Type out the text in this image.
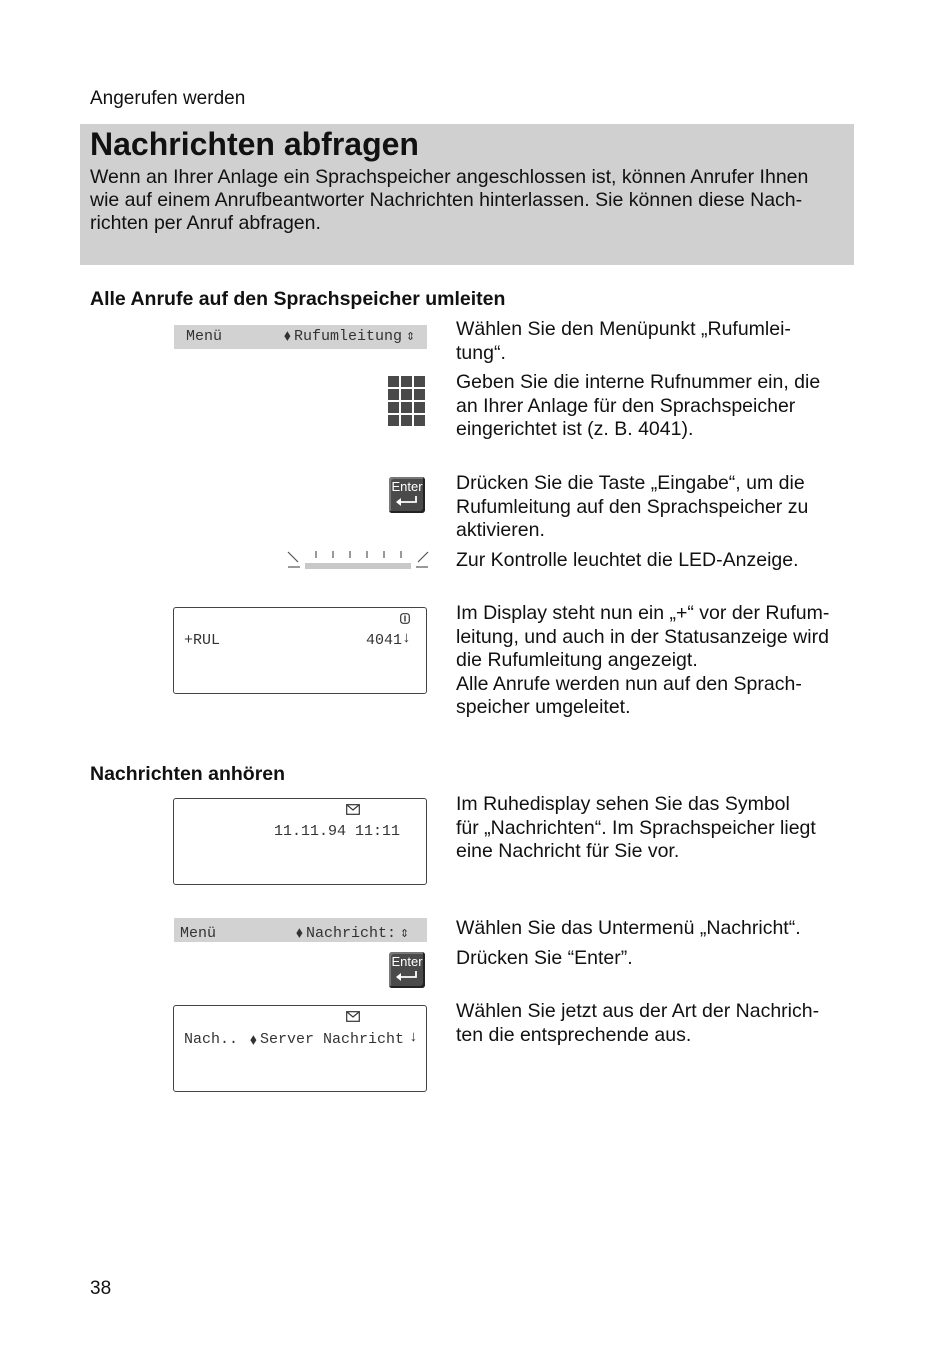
Angerufen werden
Nachrichten abfragen
Wenn an Ihrer Anlage ein Sprachspeicher angeschlossen ist, können Anrufer Ihnen
wie auf einem Anrufbeantworter Nachrichten hinterlassen. Sie können diese Nach-
richten per Anruf abfragen.
Alle Anrufe auf den Sprachspeicher umleiten
Menü	⬧ Rufumleitung ⇕ Wählen Sie den Menüpunkt „Rufumlei-
tung“.
Geben Sie die interne Rufnummer ein, die
an Ihrer Anlage für den Sprachspeicher
eingerichtet ist (z. B. 4041).
Enter Drücken Sie die Taste „Eingabe“, um die
Rufumleitung auf den Sprachspeicher zu
aktivieren.
Zur Kontrolle leuchtet die LED-Anzeige.
+RUL	4041 ↓
Im Display steht nun ein „+“ vor der Rufum-
leitung, und auch in der Statusanzeige wird
die Rufumleitung angezeigt.
Alle Anrufe werden nun auf den Sprach-
speicher umgeleitet.
Nachrichten anhören
11.11.94 11:11
Im Ruhedisplay sehen Sie das Symbol
für „Nachrichten“. Im Sprachspeicher liegt
eine Nachricht für Sie vor.
Menü	⬧ Nachricht: ⇕ Wählen Sie das Untermenü „Nachricht“.
Enter Drücken Sie “Enter”.
Nach.. ⬧ Server Nachricht ↓
Wählen Sie jetzt aus der Art der Nachrich-
ten die entsprechende aus.
38
